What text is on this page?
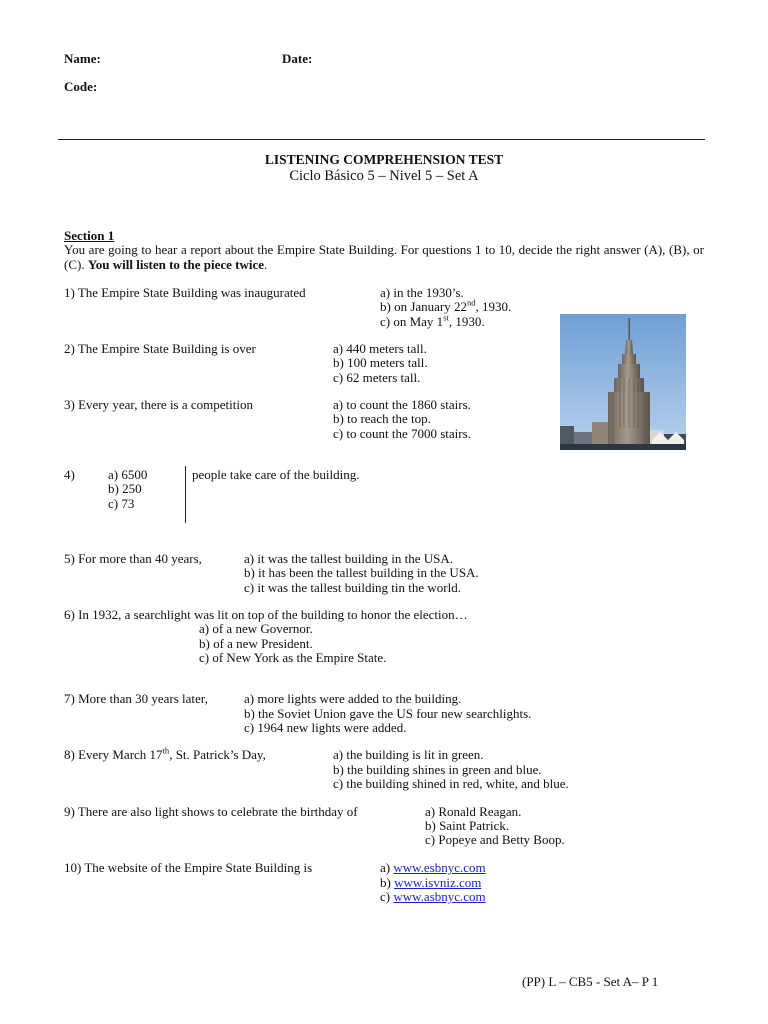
Name:	Date:
Code:
LISTENING COMPREHENSION TEST
Ciclo Básico 5 – Nivel 5 – Set A
Section 1
You are going to hear a report about the Empire State Building. For questions 1 to 10, decide the right answer (A), (B), or (C). You will listen to the piece twice.
1) The Empire State Building was inaugurated	a) in the 1930’s.
b) on January 22nd, 1930.
c) on May 1st, 1930.
2) The Empire State Building is over	a) 440 meters tall.
b) 100 meters tall.
c) 62 meters tall.
3) Every year, there is a competition	a) to count the 1860 stairs.
b) to reach the top.
c) to count the 7000 stairs.
4)	a) 6500
b) 250
c) 73
people take care of the building.
5) For more than 40 years,	a) it was the tallest building in the USA.
b) it has been the tallest building in the USA.
c) it was the tallest building tin the world.
6) In 1932, a searchlight was lit on top of the building to honor the election…
a) of a new Governor.
b) of a new President.
c) of New York as the Empire State.
7) More than 30 years later,	a) more lights were added to the building.
b) the Soviet Union gave the US four new searchlights.
c) 1964 new lights were added.
8) Every March 17th, St. Patrick’s Day,	a) the building is lit in green.
b) the building shines in green and blue.
c) the building shined in red, white, and blue.
9) There are also light shows to celebrate the birthday of	a) Ronald Reagan.
b) Saint Patrick.
c) Popeye and Betty Boop.
10) The website of the Empire State Building is	a) www.esbnyc.com
b) www.isvniz.com
c) www.asbnyc.com
(PP) L – CB5 - Set A– P 1
